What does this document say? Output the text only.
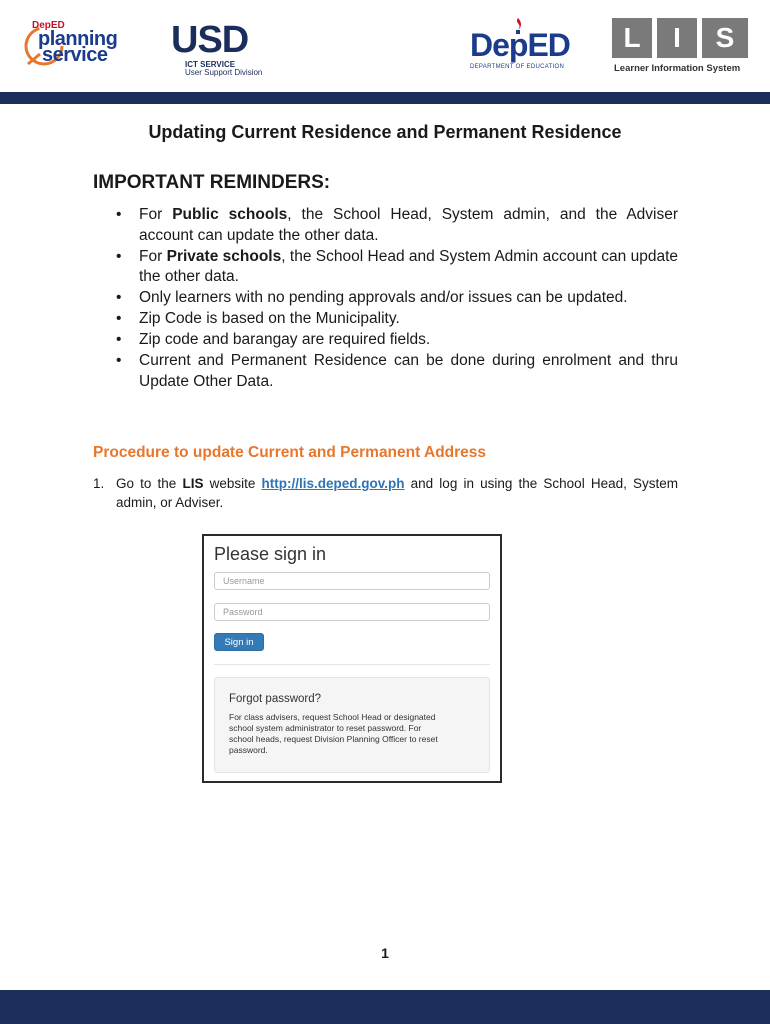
DepED
planning
service USD
ICT SERVICE
User Support Division
DepED
DEPARTMENT OF EDUCATION
L	I	S
Learner Information System
Updating Current Residence and Permanent Residence
IMPORTANT REMINDERS:
• For Public schools, the School Head, System admin, and the Adviser account can update the other data.
• For Private schools, the School Head and System Admin account can update the other data.
• Only learners with no pending approvals and/or issues can be updated.
• Zip Code is based on the Municipality.
• Zip code and barangay are required fields.
• Current and Permanent Residence can be done during enrolment and thru Update Other Data.
Procedure to update Current and Permanent Address
1. Go to the LIS website http://lis.deped.gov.ph and log in using the School Head, System admin, or Adviser.
Please sign in
Username
Sign in
Forgot password?
For class advisers, request School Head or designated school system administrator to reset password. For school heads, request Division Planning Officer to reset password.
1
